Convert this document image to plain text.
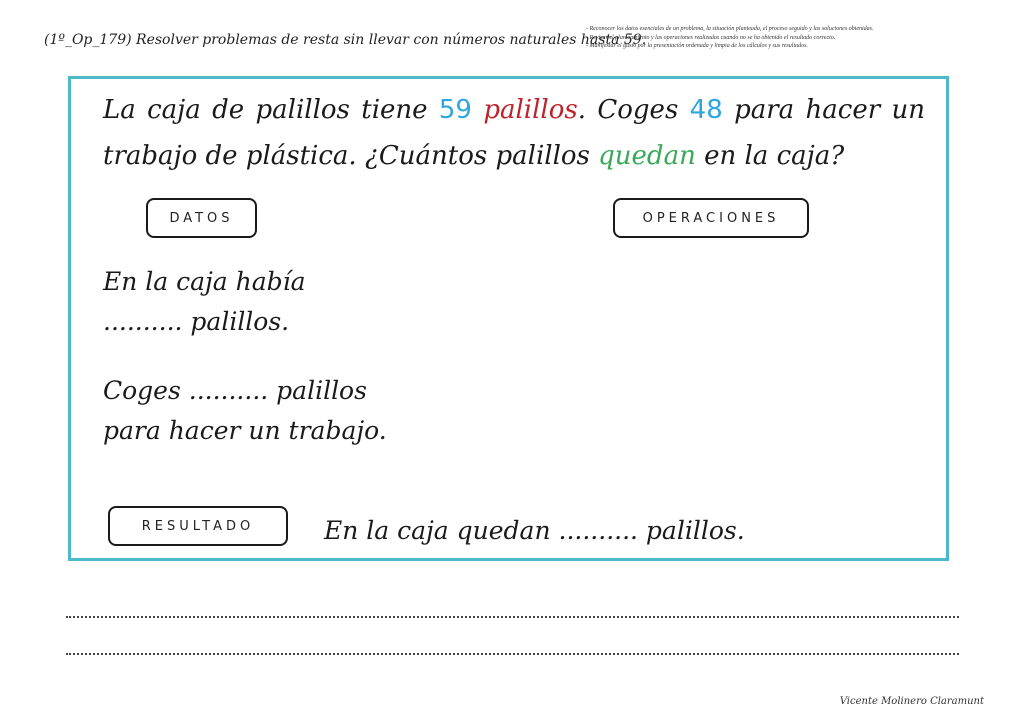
(1º_Op_179) Resolver problemas de resta sin llevar con números naturales hasta 59.
- Reconocer los datos esenciales de un problema, la situación planteada, el proceso seguido y las soluciones obtenidas.
- Revisar el planteamiento y las operaciones realizadas cuando no se ha obtenido el resultado correcto.
- Manifestar el gusto por la presentación ordenada y limpia de los cálculos y sus resultados.
La caja de palillos tiene 59 palillos. Coges 48 para hacer un trabajo de plástica. ¿Cuántos palillos quedan en la caja?
DATOS	OPERACIONES
En la caja había
.......... palillos.
Coges .......... palillos
para hacer un trabajo.
RESULTADO	En la caja quedan .......... palillos.
Vicente Molinero Claramunt
